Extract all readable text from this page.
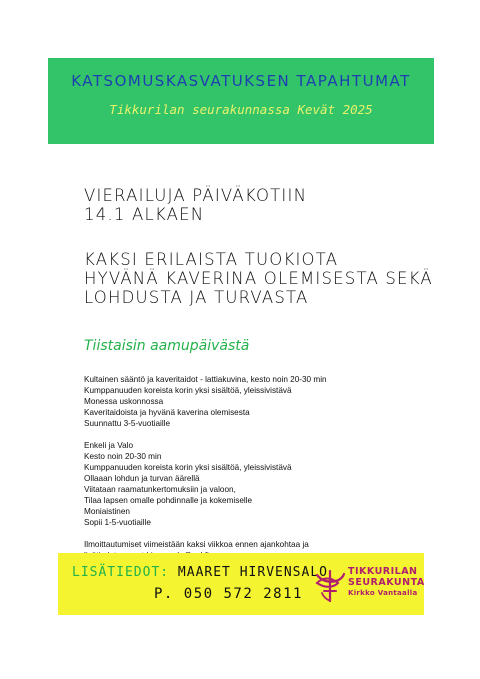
KATSOMUSKASVATUKSEN TAPAHTUMAT
Tikkurilan seurakunnassa Kevät 2025
VIERAILUJA PÄIVÄKOTIIN
14.1 ALKAEN
KAKSI ERILAISTA TUOKIOTA
HYVÄNÄ KAVERINA OLEMISESTA SEKÄ
LOHDUSTA JA TURVASTA
Tiistaisin aamupäivästä
Kultainen sääntö ja kaveritaidot - lattiakuvina, kesto noin 20-30 min
Kumppanuuden koreista korin yksi sisältöä, yleissivistävä
Monessa uskonnossa
Kaveritaidoista ja hyvänä kaverina olemisesta
Suunnattu 3-5-vuotiaille
Enkeli ja Valo
Kesto noin 20-30 min
Kumppanuuden koreista korin yksi sisältöä, yleissivistävä
Ollaaan lohdun ja turvan äärellä
Viitataan raamatunkertomuksiin ja valoon,
Tilaa lapsen omalle pohdinnalle ja kokemiselle
Moniaistinen
Sopii 1-5-vuotiaille
Ilmoittautumiset viimeistään kaksi viikkoa ennen ajankohtaa ja
LISÄTIEDOT: MAARET HIRVENSALO
P. 050 572 2811
TIKKURILAN
SEURAKUNTA
Kirkko Vantaalla
